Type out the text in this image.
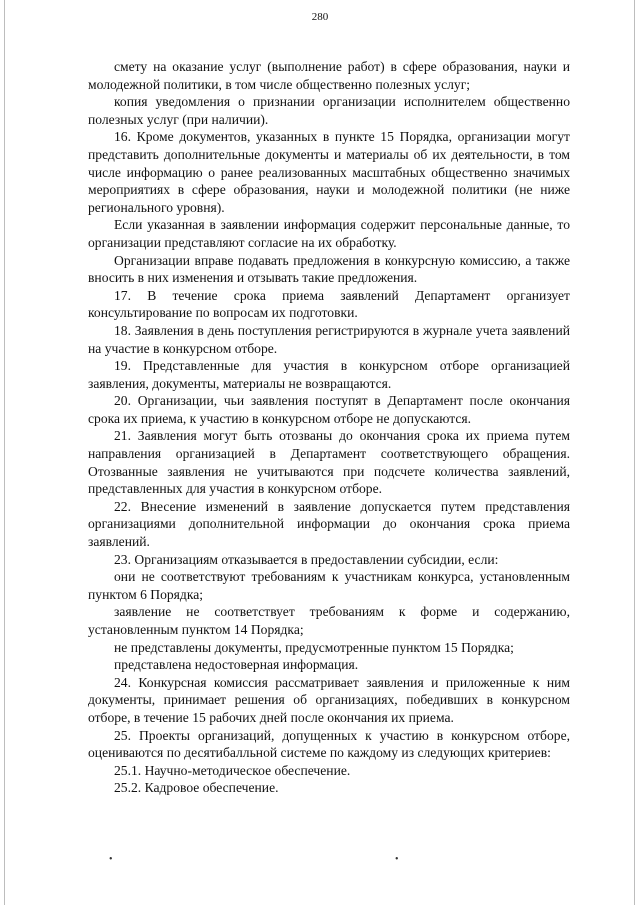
280

смету на оказание услуг (выполнение работ) в сфере образования, науки и молодежной политики, в том числе общественно полезных услуг;

копия уведомления о признании организации исполнителем общественно полезных услуг (при наличии).

16. Кроме документов, указанных в пункте 15 Порядка, организации могут представить дополнительные документы и материалы об их деятельности, в том числе информацию о ранее реализованных масштабных общественно значимых мероприятиях в сфере образования, науки и молодежной политики (не ниже регионального уровня).

Если указанная в заявлении информация содержит персональные данные, то организации представляют согласие на их обработку.

Организации вправе подавать предложения в конкурсную комиссию, а также вносить в них изменения и отзывать такие предложения.

17. В течение срока приема заявлений Департамент организует консультирование по вопросам их подготовки.

18. Заявления в день поступления регистрируются в журнале учета заявлений на участие в конкурсном отборе.

19. Представленные для участия в конкурсном отборе организацией заявления, документы, материалы не возвращаются.

20. Организации, чьи заявления поступят в Департамент после окончания срока их приема, к участию в конкурсном отборе не допускаются.

21. Заявления могут быть отозваны до окончания срока их приема путем направления организацией в Департамент соответствующего обращения. Отозванные заявления не учитываются при подсчете количества заявлений, представленных для участия в конкурсном отборе.

22. Внесение изменений в заявление допускается путем представления организациями дополнительной информации до окончания срока приема заявлений.

23. Организациям отказывается в предоставлении субсидии, если:

они не соответствуют требованиям к участникам конкурса, установленным пунктом 6 Порядка;

заявление не соответствует требованиям к форме и содержанию, установленным пунктом 14 Порядка;

не представлены документы, предусмотренные пунктом 15 Порядка;

представлена недостоверная информация.

24. Конкурсная комиссия рассматривает заявления и приложенные к ним документы, принимает решения об организациях, победивших в конкурсном отборе, в течение 15 рабочих дней после окончания их приема.

25. Проекты организаций, допущенных к участию в конкурсном отборе, оцениваются по десятибалльной системе по каждому из следующих критериев:

25.1. Научно-методическое обеспечение.

25.2. Кадровое обеспечение.

•	•
